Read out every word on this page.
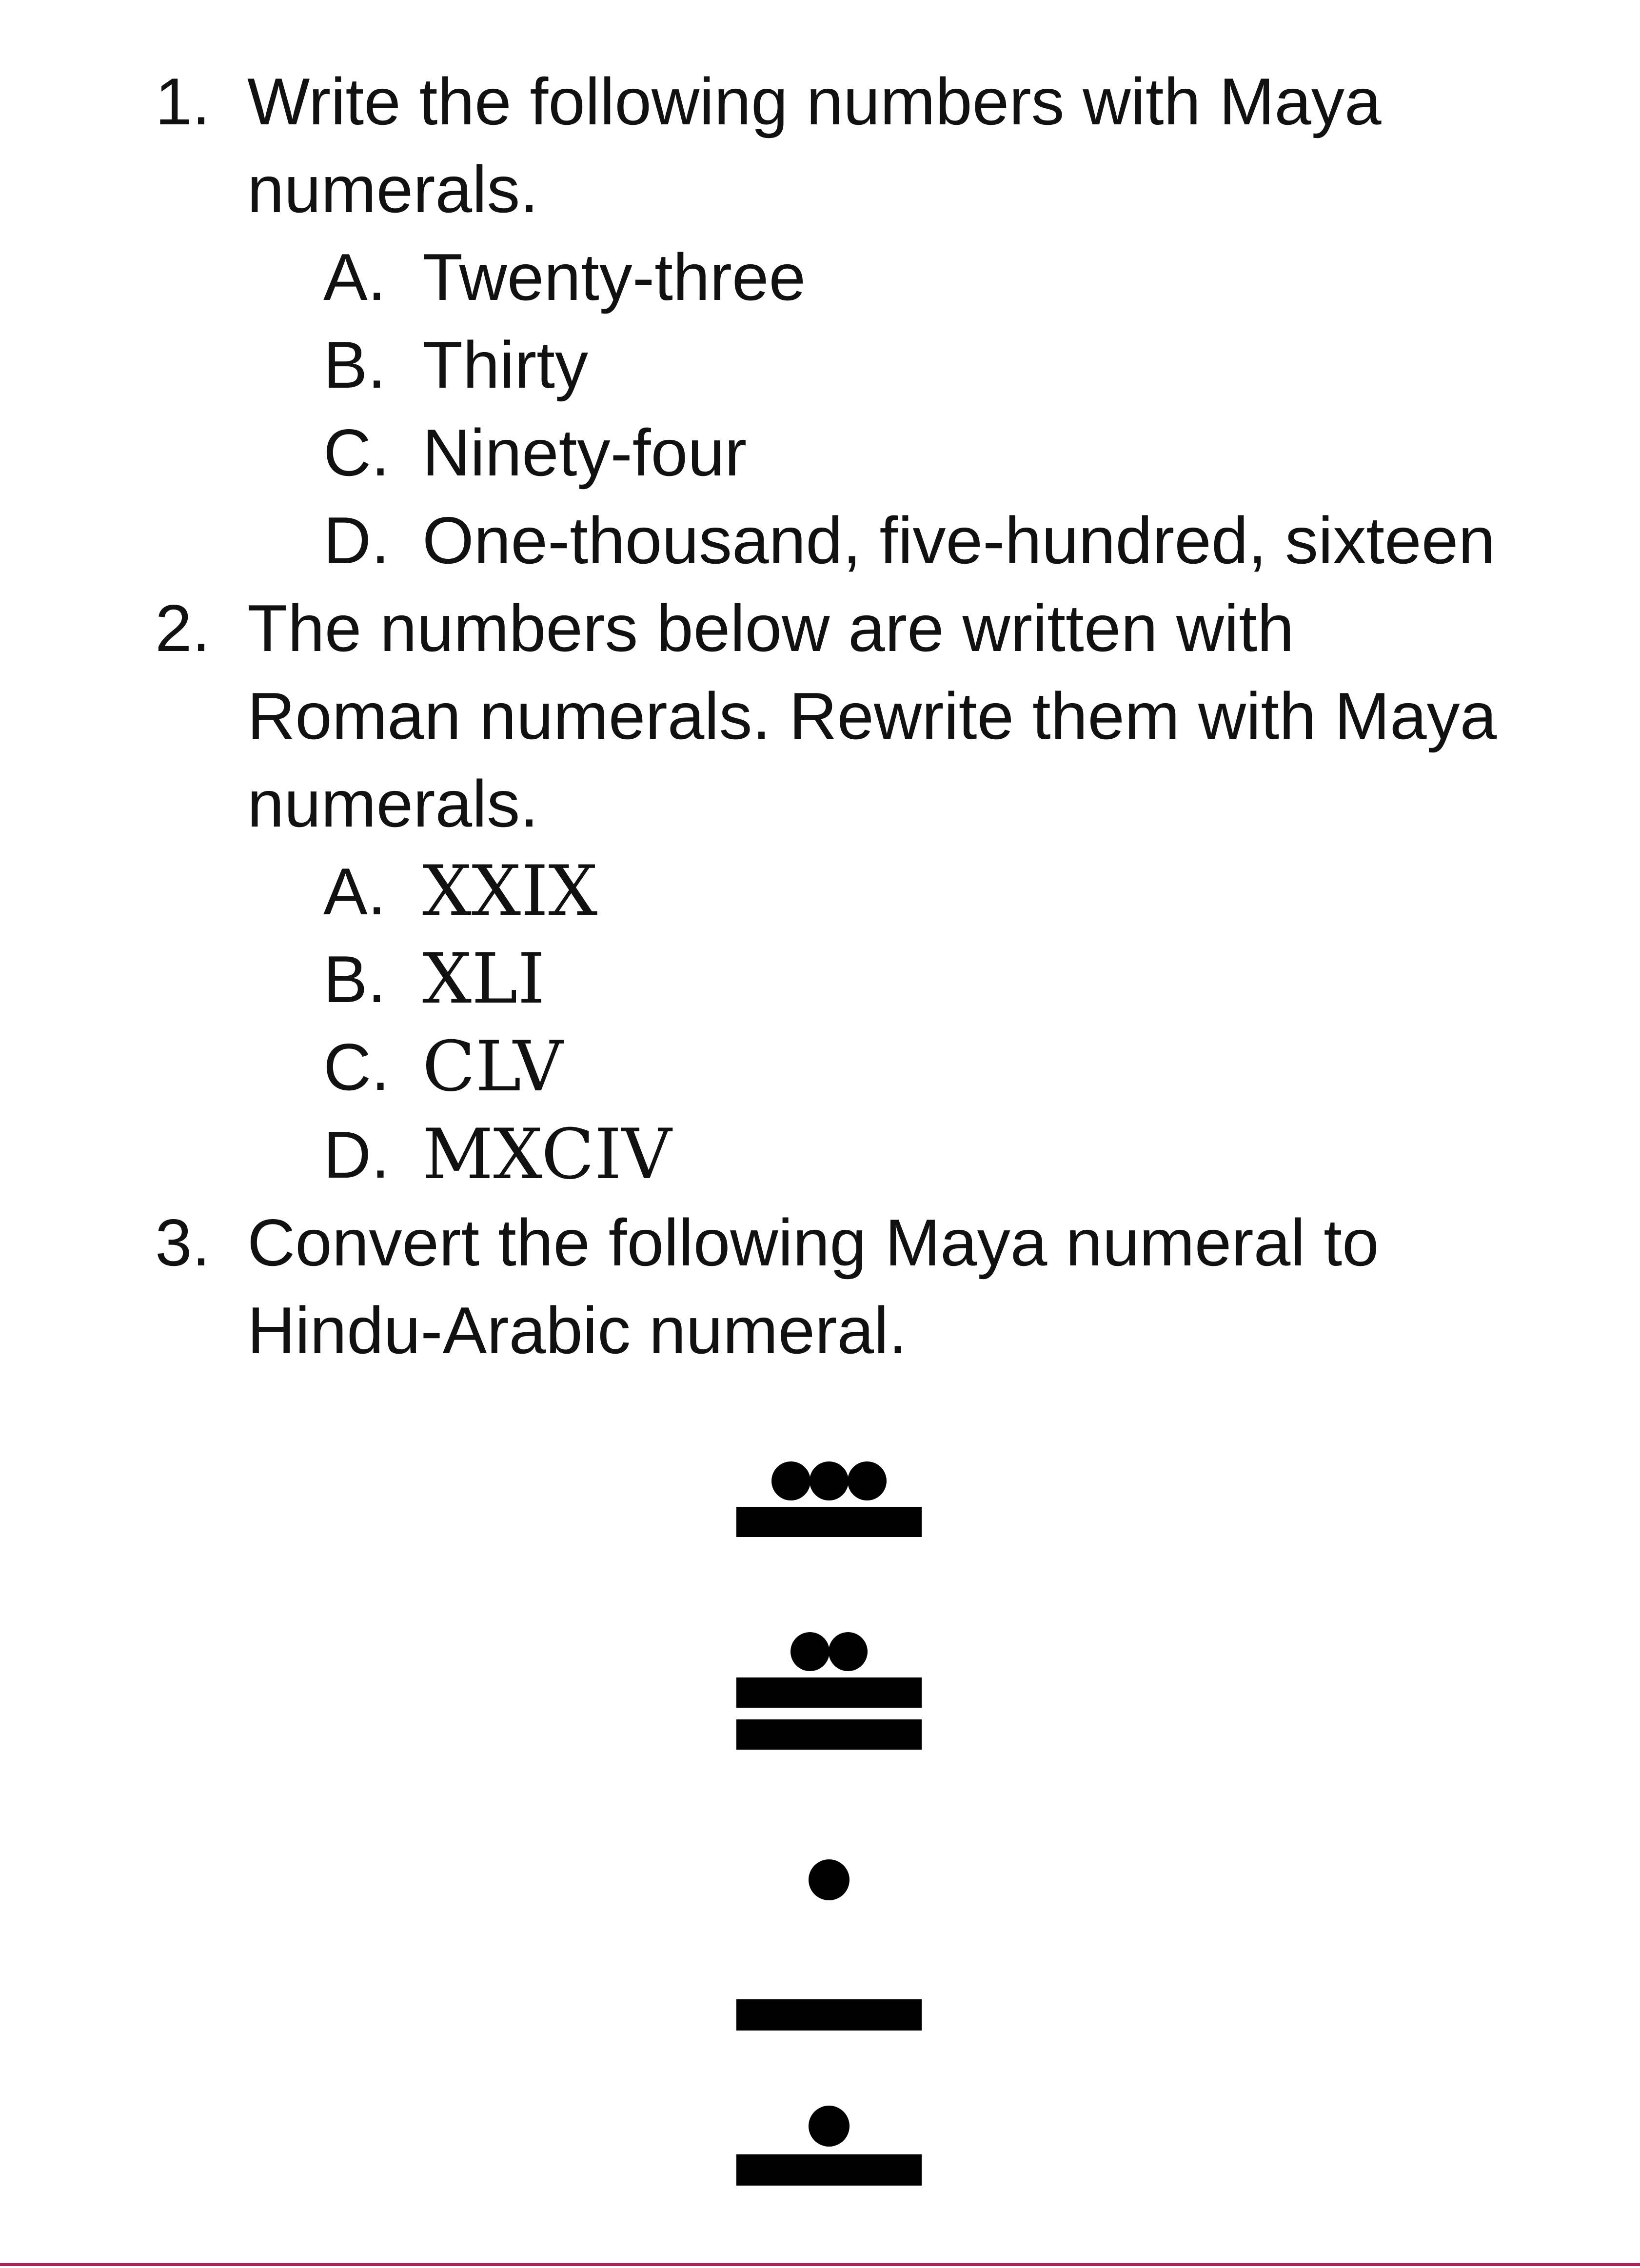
1. Write the following numbers with Maya
numerals.
A. Twenty-three
B. Thirty
C. Ninety-four
D. One-thousand, five-hundred, sixteen
2. The numbers below are written with
Roman numerals. Rewrite them with Maya
numerals.
A. XXIX
B. XLI
C. CLV
D. MXCIV
3. Convert the following Maya numeral to
Hindu-Arabic numeral.
